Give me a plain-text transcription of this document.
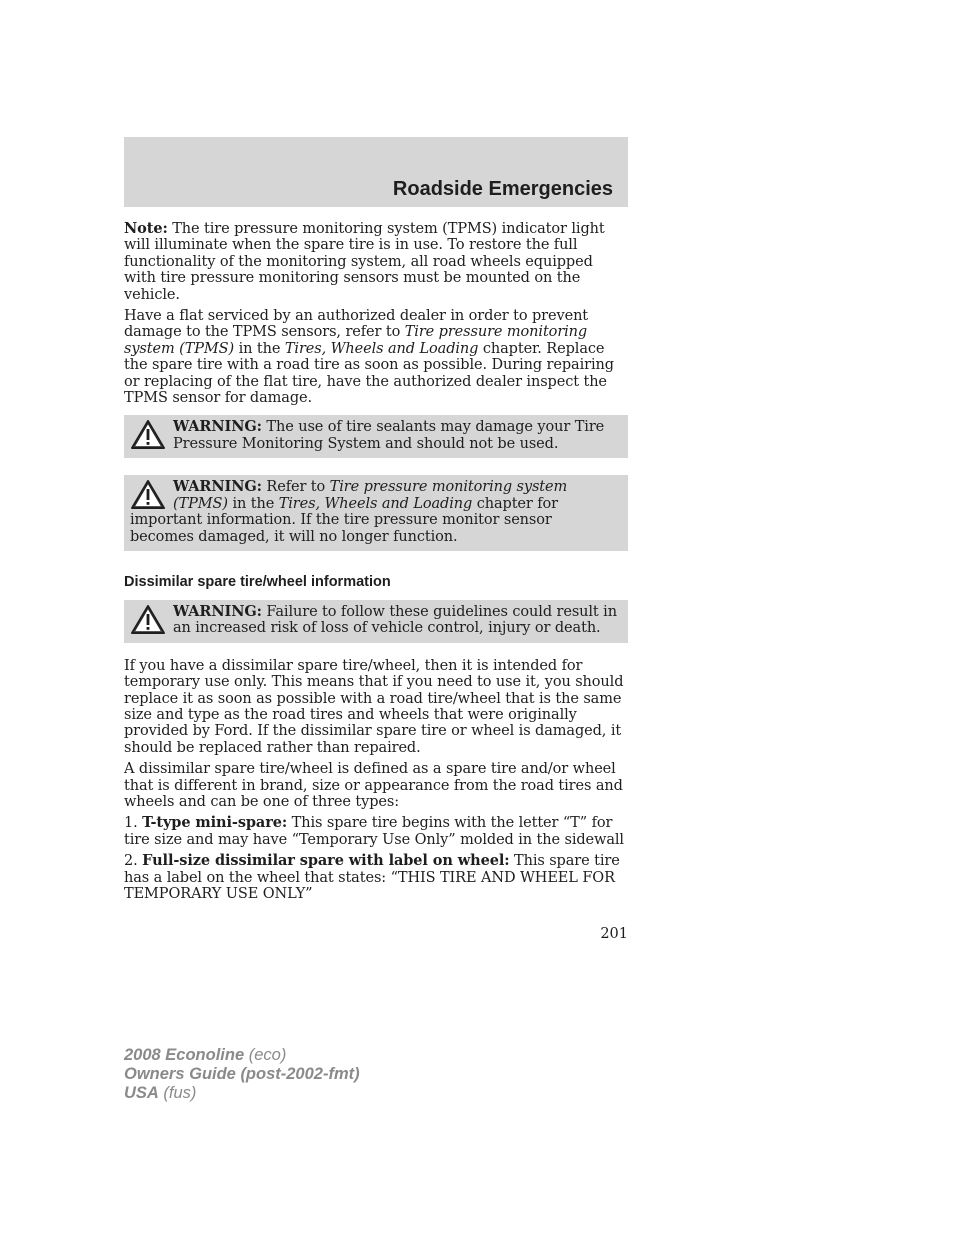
Roadside Emergencies

Note: The tire pressure monitoring system (TPMS) indicator light will illuminate when the spare tire is in use. To restore the full functionality of the monitoring system, all road wheels equipped with tire pressure monitoring sensors must be mounted on the vehicle.

Have a flat serviced by an authorized dealer in order to prevent damage to the TPMS sensors, refer to Tire pressure monitoring system (TPMS) in the Tires, Wheels and Loading chapter. Replace the spare tire with a road tire as soon as possible. During repairing or replacing of the flat tire, have the authorized dealer inspect the TPMS sensor for damage.

WARNING: The use of tire sealants may damage your Tire Pressure Monitoring System and should not be used.

WARNING: Refer to Tire pressure monitoring system (TPMS) in the Tires, Wheels and Loading chapter for important information. If the tire pressure monitor sensor becomes damaged, it will no longer function.

Dissimilar spare tire/wheel information

WARNING: Failure to follow these guidelines could result in an increased risk of loss of vehicle control, injury or death.

If you have a dissimilar spare tire/wheel, then it is intended for temporary use only. This means that if you need to use it, you should replace it as soon as possible with a road tire/wheel that is the same size and type as the road tires and wheels that were originally provided by Ford. If the dissimilar spare tire or wheel is damaged, it should be replaced rather than repaired.

A dissimilar spare tire/wheel is defined as a spare tire and/or wheel that is different in brand, size or appearance from the road tires and wheels and can be one of three types:

1. T-type mini-spare: This spare tire begins with the letter “T” for tire size and may have “Temporary Use Only” molded in the sidewall

2. Full-size dissimilar spare with label on wheel: This spare tire has a label on the wheel that states: “THIS TIRE AND WHEEL FOR TEMPORARY USE ONLY”

201
2008 Econoline (eco)
Owners Guide (post-2002-fmt)
USA (fus)
